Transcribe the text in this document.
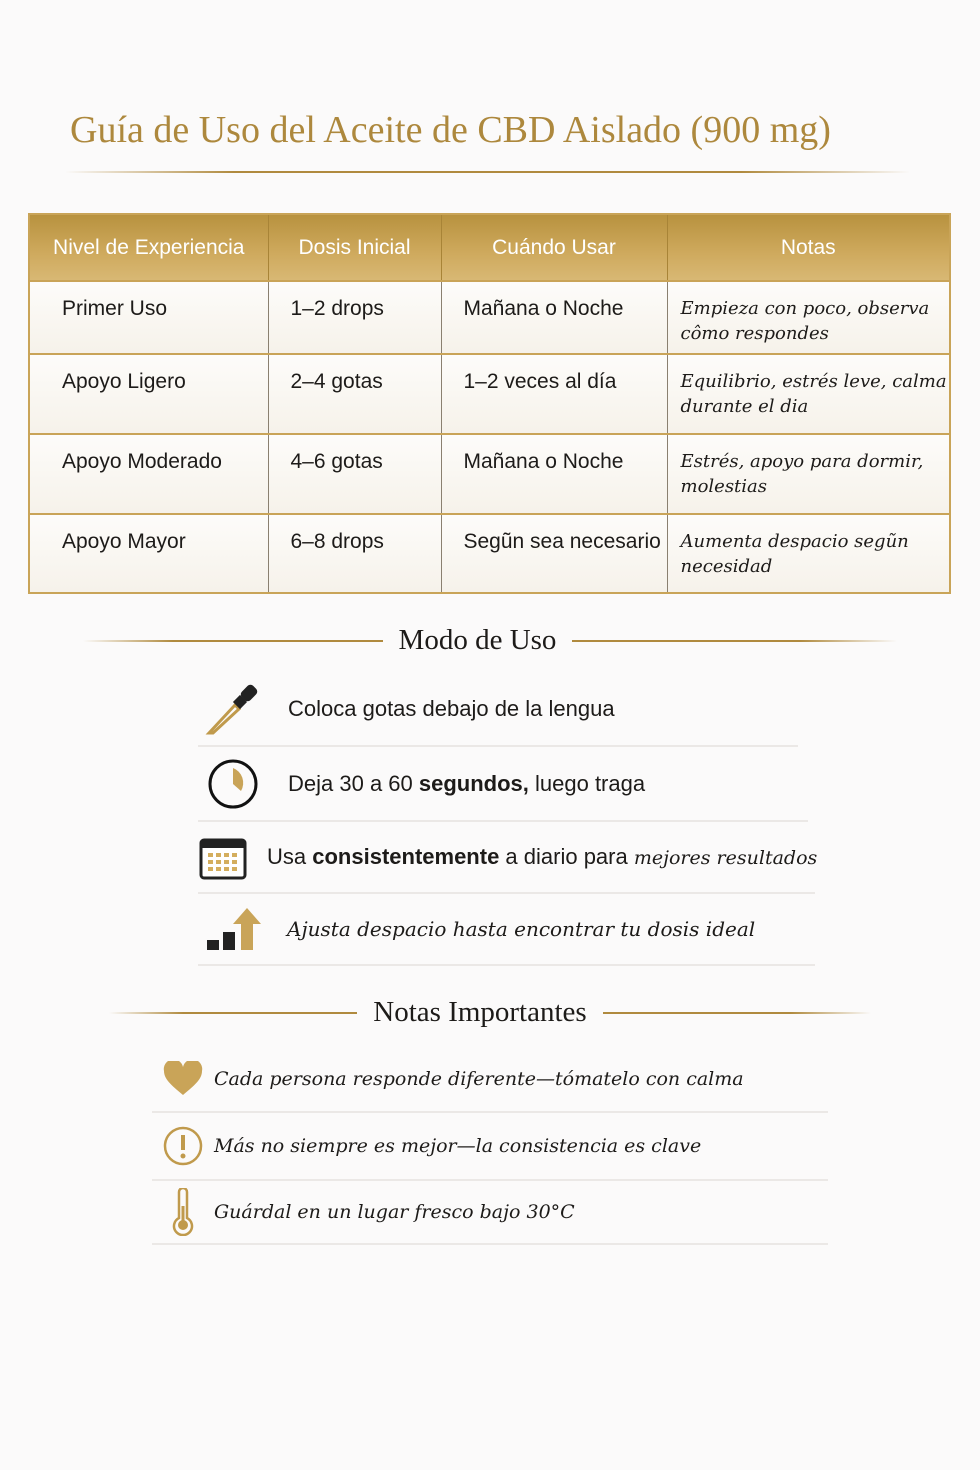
Guía de Uso del Aceite de CBD Aislado (900 mg)
Nivel de Experiencia	Dosis Inicial	Cuándo Usar	Notas
Primer Uso	1–2 drops	Mañana o Noche	Empieza con poco, observa cômo respondes
Apoyo Ligero	2–4 gotas	1–2 veces al día	Equilibrio, estrés leve, calma durante el dia
Apoyo Moderado	4–6 gotas	Mañana o Noche	Estrés, apoyo para dormir, molestias
Apoyo Mayor	6–8 drops	Segũn sea necesario	Aumenta despacio segũn necesidad
Modo de Uso
Coloca gotas debajo de la lengua
Deja 30 a 60 segundos, luego traga
Usa consistentemente a diario para mejores resultados
Ajusta despacio hasta encontrar tu dosis ideal
Notas Importantes
Cada persona responde diferente—tómatelo con calma
Más no siempre es mejor—la consistencia es clave
Guárdal en un lugar fresco bajo 30°C
